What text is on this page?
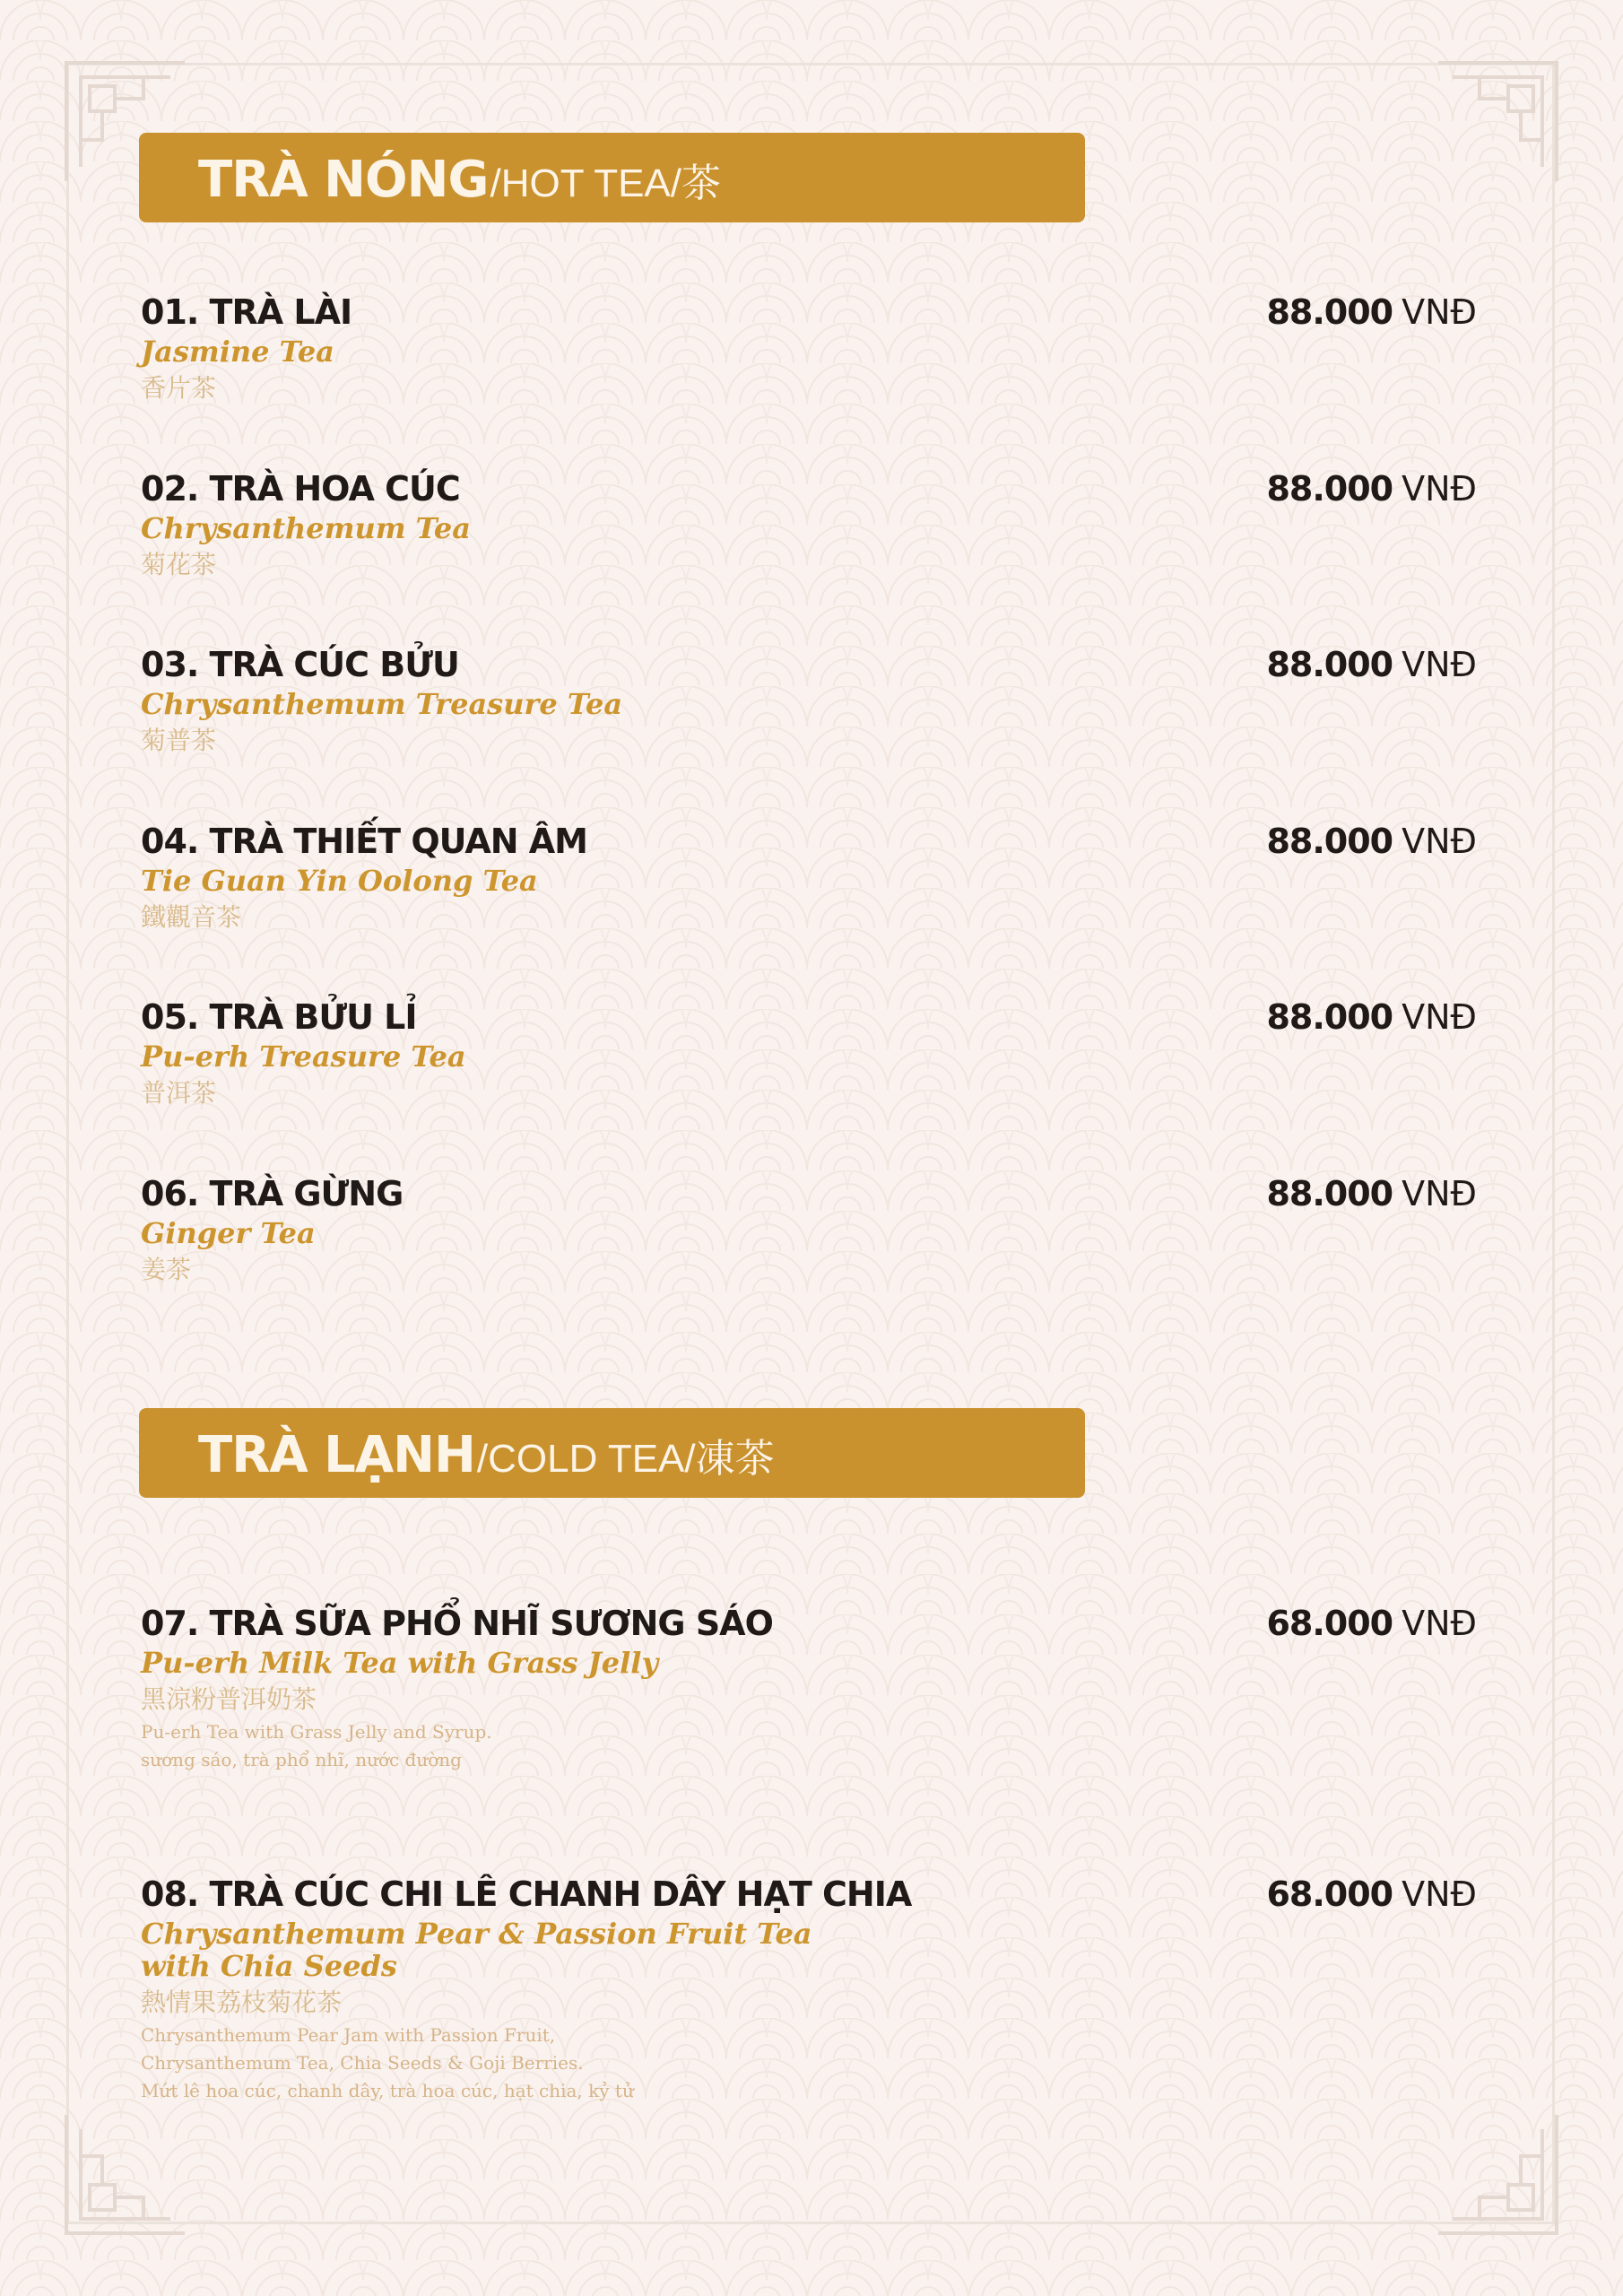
TRÀ NÓNG /HOT TEA/茶
01. TRÀ LÀI
Jasmine Tea
香片茶
88.000 VNĐ
02. TRÀ HOA CÚC
Chrysanthemum Tea
菊花茶
88.000 VNĐ
03. TRÀ CÚC BỬU
Chrysanthemum Treasure Tea
菊普茶
88.000 VNĐ
04. TRÀ THIẾT QUAN ÂM
Tie Guan Yin Oolong Tea
鐵觀音茶
88.000 VNĐ
05. TRÀ BỬU LỈ
Pu-erh Treasure Tea
普洱茶
88.000 VNĐ
06. TRÀ GỪNG
Ginger Tea
姜茶
88.000 VNĐ
TRÀ LẠNH /COLD TEA/凍茶
07. TRÀ SỮA PHỔ NHĨ SƯƠNG SÁO
Pu-erh Milk Tea with Grass Jelly
黑涼粉普洱奶茶
Pu-erh Tea with Grass Jelly and Syrup.
sương sáo, trà phổ nhĩ, nước đường
68.000 VNĐ
08. TRÀ CÚC CHI LÊ CHANH DÂY HẠT CHIA
Chrysanthemum Pear & Passion Fruit Tea
with Chia Seeds
熱情果荔枝菊花茶
Chrysanthemum Pear Jam with Passion Fruit,
Chrysanthemum Tea, Chia Seeds & Goji Berries.
Mứt lê hoa cúc, chanh dây, trà hoa cúc, hạt chia, kỷ tử
68.000 VNĐ
